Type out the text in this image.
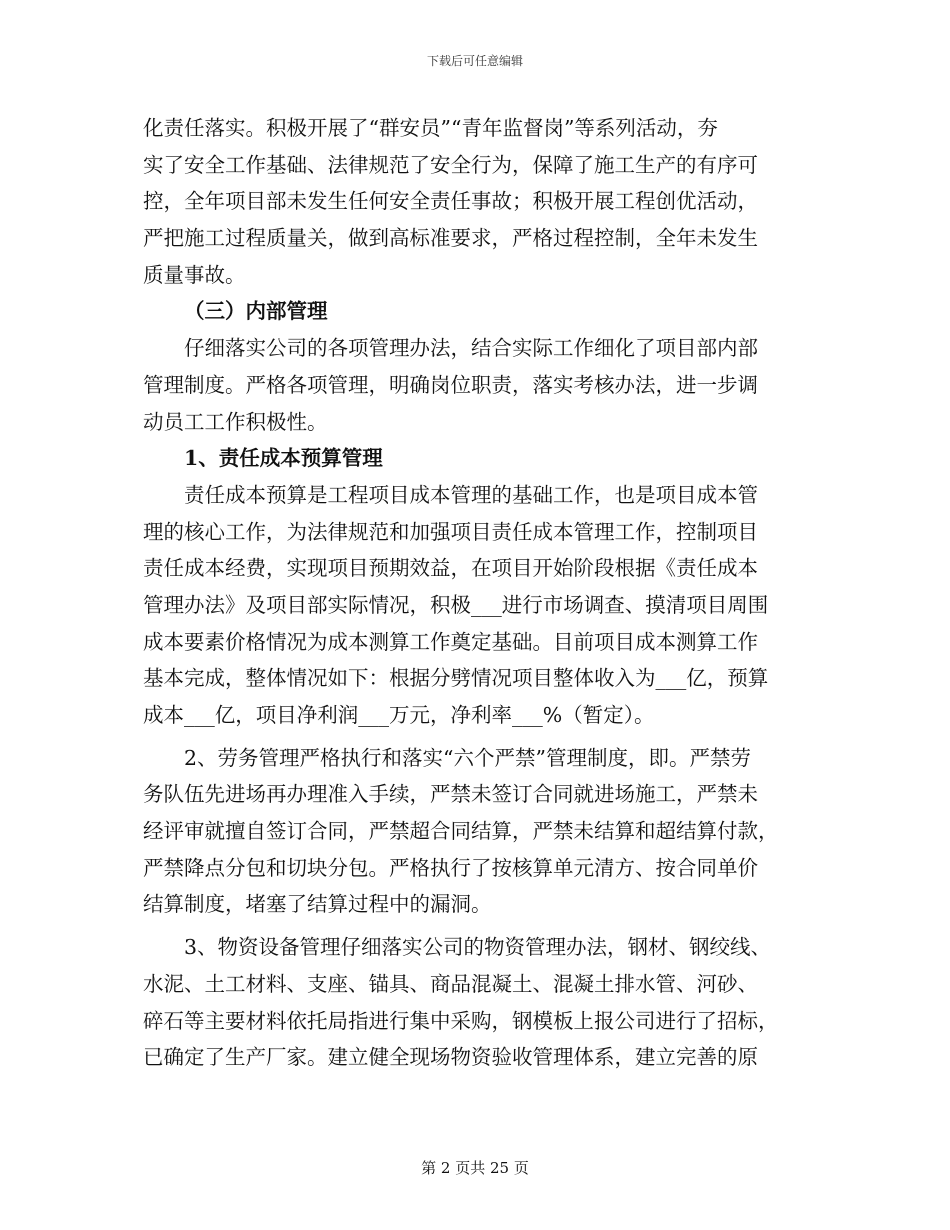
下载后可任意编辑
化责任落实。积极开展了“群安员”“青年监督岗”等系列活动，夯
实了安全工作基础、法律规范了安全行为，保障了施工生产的有序可
控，全年项目部未发生任何安全责任事故；积极开展工程创优活动，
严把施工过程质量关，做到高标准要求，严格过程控制，全年未发生
质量事故。
（三）内部管理
仔细落实公司的各项管理办法，结合实际工作细化了项目部内部
管理制度。严格各项管理，明确岗位职责，落实考核办法，进一步调
动员工工作积极性。
1、责任成本预算管理
责任成本预算是工程项目成本管理的基础工作，也是项目成本管
理的核心工作，为法律规范和加强项目责任成本管理工作，控制项目
责任成本经费，实现项目预期效益，在项目开始阶段根据《责任成本
管理办法》及项目部实际情况，积极___进行市场调查、摸清项目周围
成本要素价格情况为成本测算工作奠定基础。目前项目成本测算工作
基本完成，整体情况如下：根据分劈情况项目整体收入为___亿，预算
成本___亿，项目净利润___万元，净利率___%（暂定）。
2、劳务管理严格执行和落实“六个严禁”管理制度，即。严禁劳
务队伍先进场再办理准入手续，严禁未签订合同就进场施工，严禁未
经评审就擅自签订合同，严禁超合同结算，严禁未结算和超结算付款，
严禁降点分包和切块分包。严格执行了按核算单元清方、按合同单价
结算制度，堵塞了结算过程中的漏洞。
3、物资设备管理仔细落实公司的物资管理办法，钢材、钢绞线、
水泥、土工材料、支座、锚具、商品混凝土、混凝土排水管、河砂、
碎石等主要材料依托局指进行集中采购，钢模板上报公司进行了招标，
已确定了生产厂家。建立健全现场物资验收管理体系，建立完善的原
第 2 页共 25 页
